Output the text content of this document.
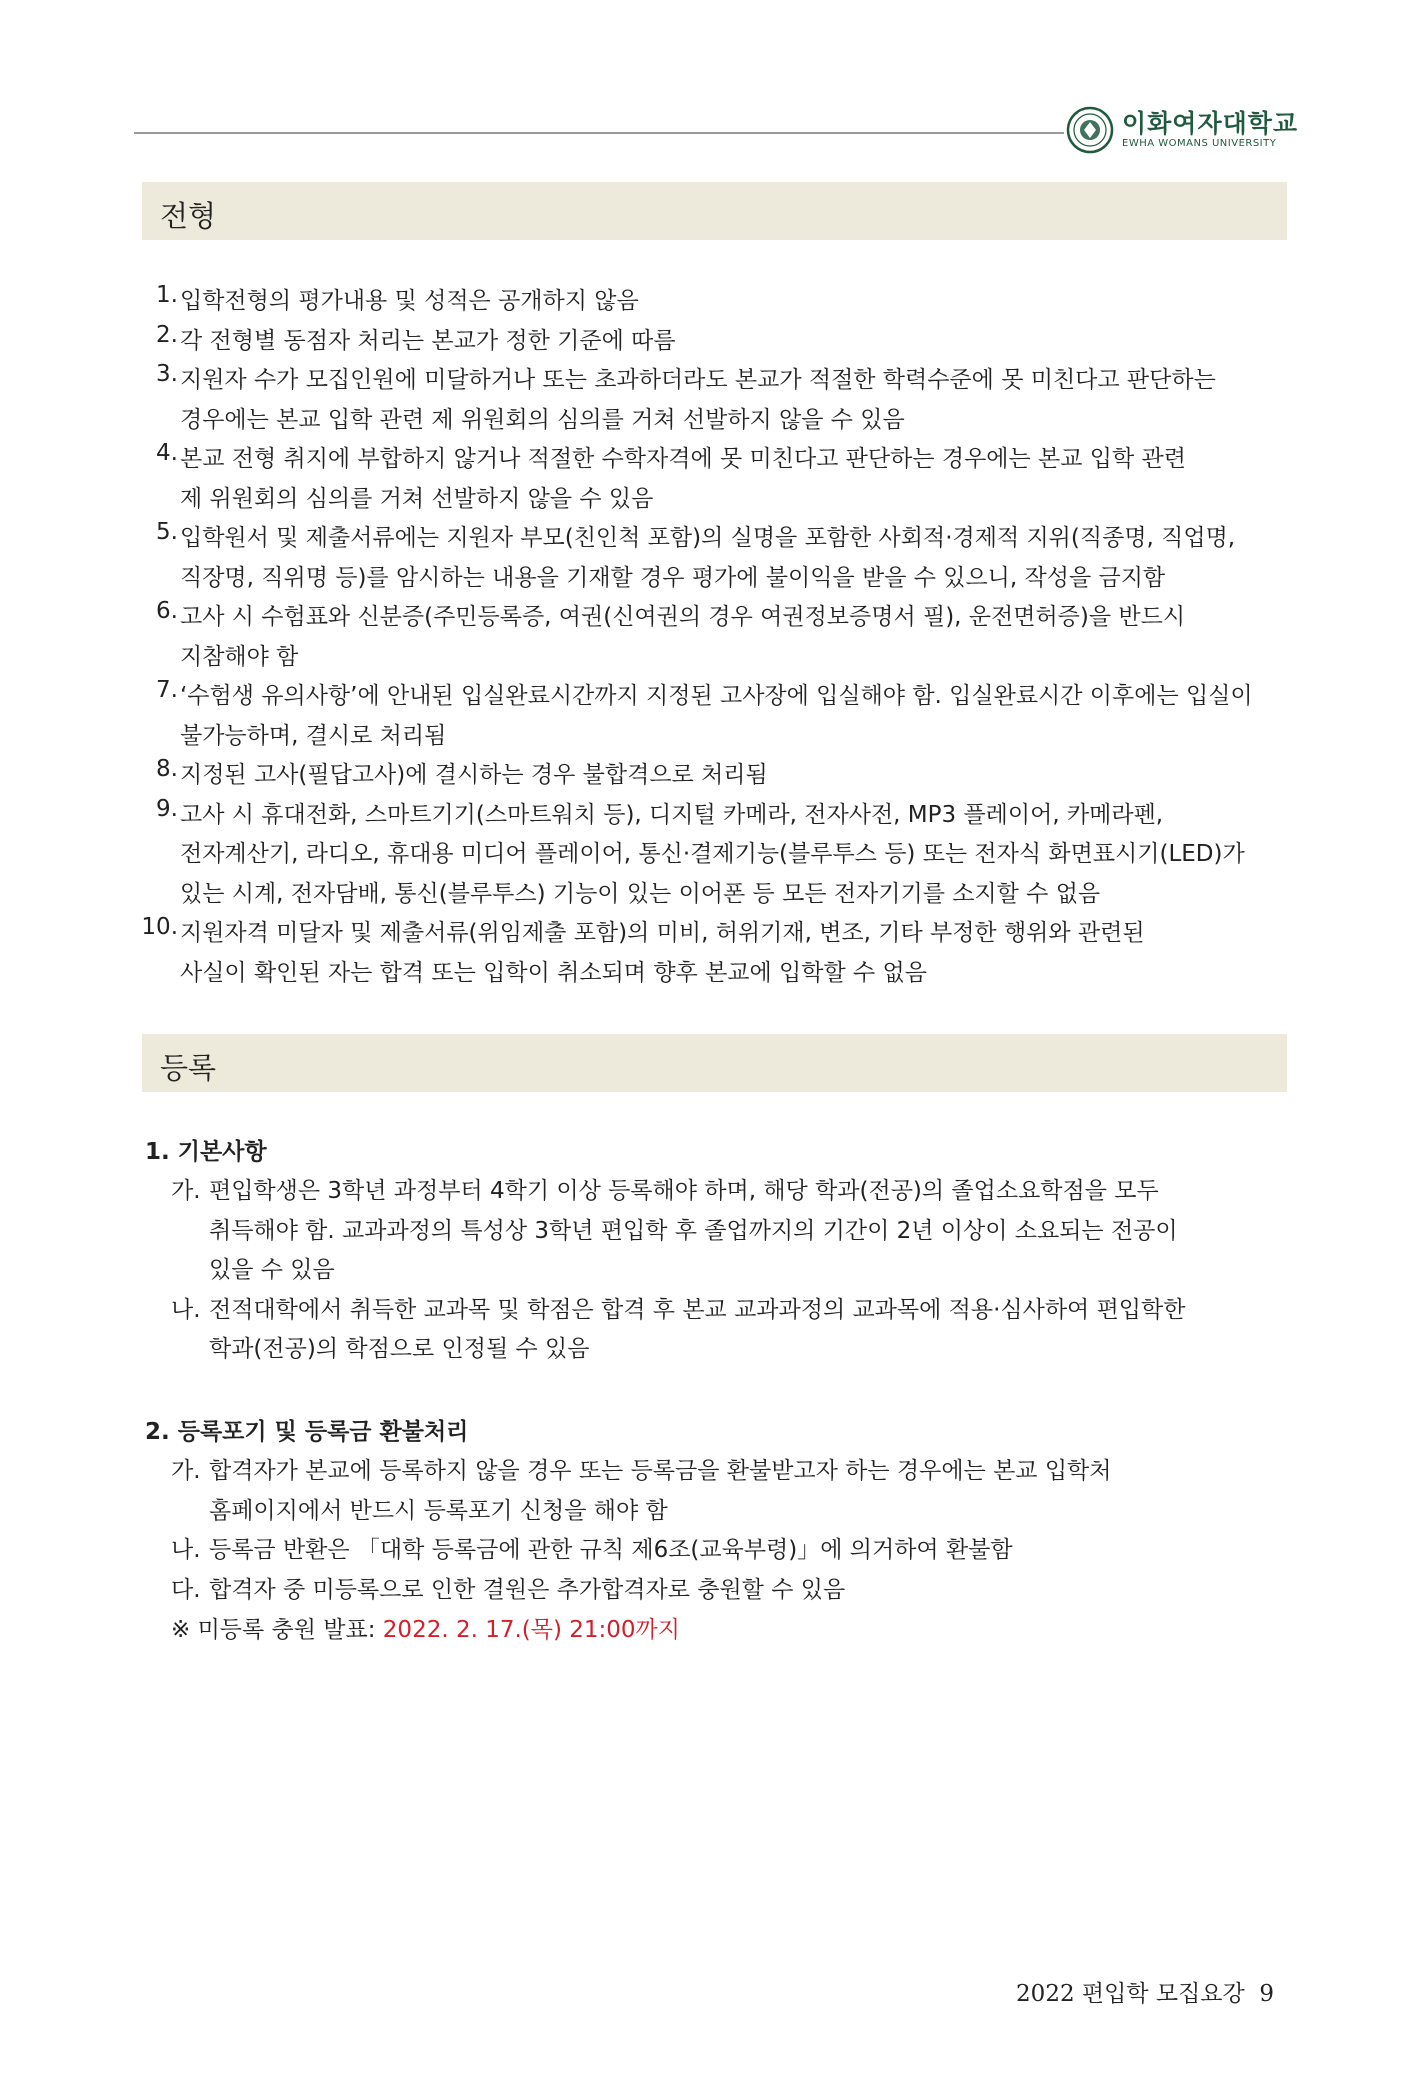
이화여자대학교
EWHA WOMANS UNIVERSITY
전형
1. 입학전형의 평가내용 및 성적은 공개하지 않음
2. 각 전형별 동점자 처리는 본교가 정한 기준에 따름
3. 지원자 수가 모집인원에 미달하거나 또는 초과하더라도 본교가 적절한 학력수준에 못 미친다고 판단하는
경우에는 본교 입학 관련 제 위원회의 심의를 거쳐 선발하지 않을 수 있음
4. 본교 전형 취지에 부합하지 않거나 적절한 수학자격에 못 미친다고 판단하는 경우에는 본교 입학 관련
제 위원회의 심의를 거쳐 선발하지 않을 수 있음
5. 입학원서 및 제출서류에는 지원자 부모(친인척 포함)의 실명을 포함한 사회적·경제적 지위(직종명, 직업명,
직장명, 직위명 등)를 암시하는 내용을 기재할 경우 평가에 불이익을 받을 수 있으니, 작성을 금지함
6. 고사 시 수험표와 신분증(주민등록증, 여권(신여권의 경우 여권정보증명서 필), 운전면허증)을 반드시
지참해야 함
7. ‘수험생 유의사항’에 안내된 입실완료시간까지 지정된 고사장에 입실해야 함. 입실완료시간 이후에는 입실이
불가능하며, 결시로 처리됨
8. 지정된 고사(필답고사)에 결시하는 경우 불합격으로 처리됨
9. 고사 시 휴대전화, 스마트기기(스마트워치 등), 디지털 카메라, 전자사전, MP3 플레이어, 카메라펜,
전자계산기, 라디오, 휴대용 미디어 플레이어, 통신·결제기능(블루투스 등) 또는 전자식 화면표시기(LED)가
있는 시계, 전자담배, 통신(블루투스) 기능이 있는 이어폰 등 모든 전자기기를 소지할 수 없음
10. 지원자격 미달자 및 제출서류(위임제출 포함)의 미비, 허위기재, 변조, 기타 부정한 행위와 관련된
사실이 확인된 자는 합격 또는 입학이 취소되며 향후 본교에 입학할 수 없음
등록
1. 기본사항
가. 편입학생은 3학년 과정부터 4학기 이상 등록해야 하며, 해당 학과(전공)의 졸업소요학점을 모두
취득해야 함. 교과과정의 특성상 3학년 편입학 후 졸업까지의 기간이 2년 이상이 소요되는 전공이
있을 수 있음
나. 전적대학에서 취득한 교과목 및 학점은 합격 후 본교 교과과정의 교과목에 적용·심사하여 편입학한
학과(전공)의 학점으로 인정될 수 있음
2. 등록포기 및 등록금 환불처리
가. 합격자가 본교에 등록하지 않을 경우 또는 등록금을 환불받고자 하는 경우에는 본교 입학처
홈페이지에서 반드시 등록포기 신청을 해야 함
나. 등록금 반환은 「대학 등록금에 관한 규칙 제6조(교육부령)」에 의거하여 환불함
다. 합격자 중 미등록으로 인한 결원은 추가합격자로 충원할 수 있음
※ 미등록 충원 발표: 2022. 2. 17.(목) 21:00까지
2022 편입학 모집요강 9
